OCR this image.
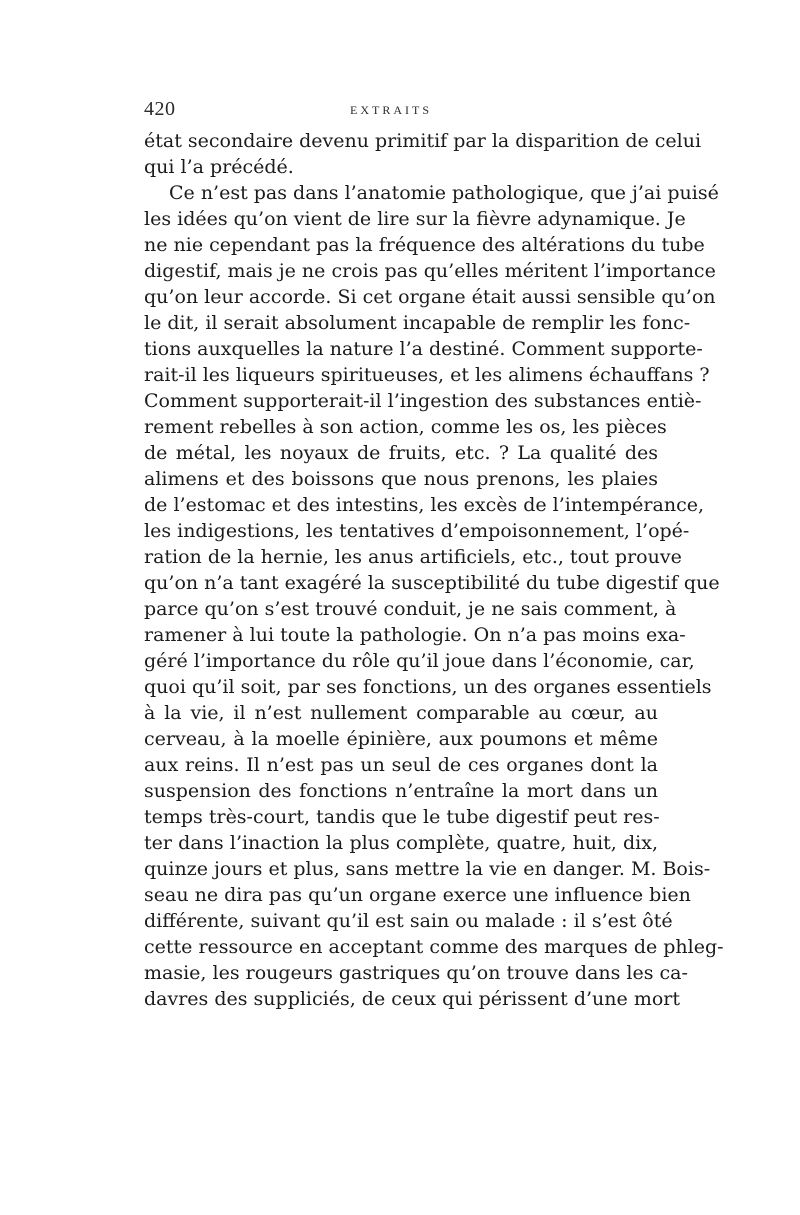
420	EXTRAITS
état secondaire devenu primitif par la disparition de celui
qui l’a précédé.
Ce n’est pas dans l’anatomie pathologique, que j’ai puisé
les idées qu’on vient de lire sur la fièvre adynamique. Je
ne nie cependant pas la fréquence des altérations du tube
digestif, mais je ne crois pas qu’elles méritent l’importance
qu’on leur accorde. Si cet organe était aussi sensible qu’on
le dit, il serait absolument incapable de remplir les fonc-
tions auxquelles la nature l’a destiné. Comment supporte-
rait-il les liqueurs spiritueuses, et les alimens échauffans ?
Comment supporterait-il l’ingestion des substances entiè-
rement rebelles à son action, comme les os, les pièces
de métal, les noyaux de fruits, etc. ? La qualité des
alimens et des boissons que nous prenons, les plaies
de l’estomac et des intestins, les excès de l’intempérance,
les indigestions, les tentatives d’empoisonnement, l’opé-
ration de la hernie, les anus artificiels, etc., tout prouve
qu’on n’a tant exagéré la susceptibilité du tube digestif que
parce qu’on s’est trouvé conduit, je ne sais comment, à
ramener à lui toute la pathologie. On n’a pas moins exa-
géré l’importance du rôle qu’il joue dans l’économie, car,
quoi qu’il soit, par ses fonctions, un des organes essentiels
à la vie, il n’est nullement comparable au cœur, au
cerveau, à la moelle épinière, aux poumons et même
aux reins. Il n’est pas un seul de ces organes dont la
suspension des fonctions n’entraîne la mort dans un
temps très-court, tandis que le tube digestif peut res-
ter dans l’inaction la plus complète, quatre, huit, dix,
quinze jours et plus, sans mettre la vie en danger. M. Bois-
seau ne dira pas qu’un organe exerce une influence bien
différente, suivant qu’il est sain ou malade : il s’est ôté
cette ressource en acceptant comme des marques de phleg-
masie, les rougeurs gastriques qu’on trouve dans les ca-
davres des suppliciés, de ceux qui périssent d’une mort
